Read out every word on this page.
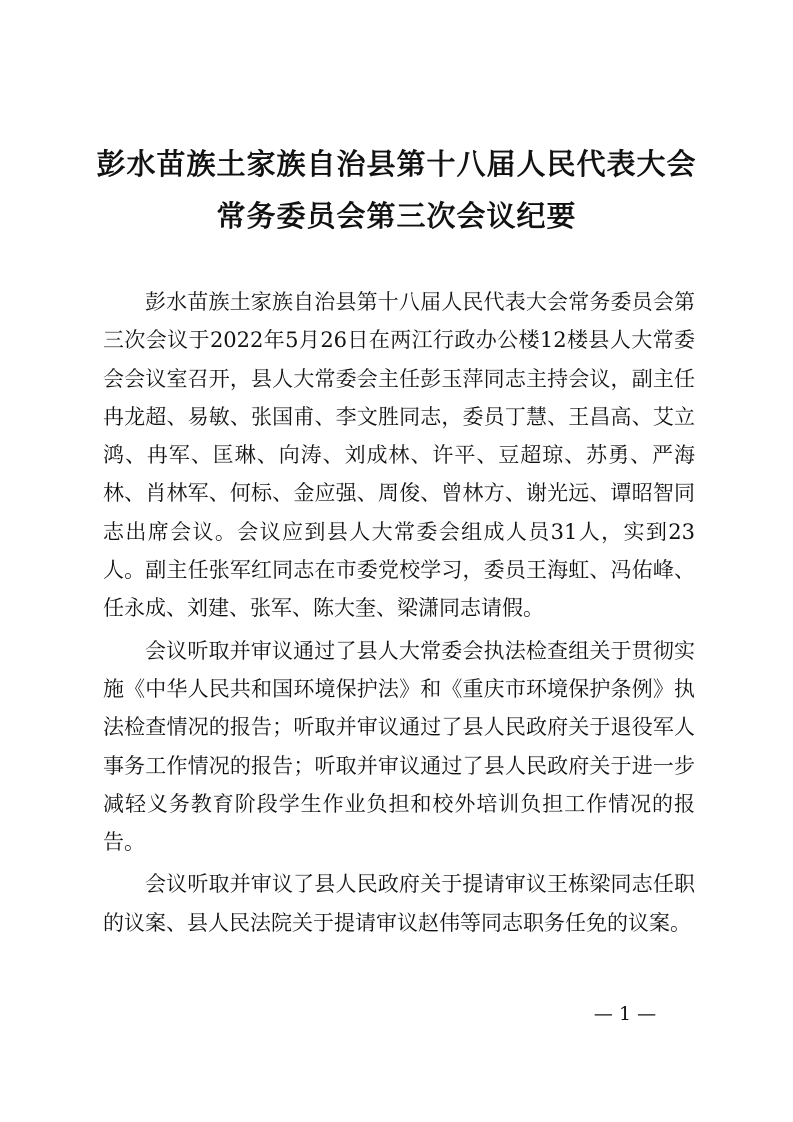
彭水苗族土家族自治县第十八届人民代表大会
常务委员会第三次会议纪要

彭水苗族土家族自治县第十八届人民代表大会常务委员会第三次会议于2022年5月26日在两江行政办公楼12楼县人大常委会会议室召开，县人大常委会主任彭玉萍同志主持会议，副主任冉龙超、易敏、张国甫、李文胜同志，委员丁慧、王昌高、艾立鸿、冉军、匡琳、向涛、刘成林、许平、豆超琼、苏勇、严海林、肖林军、何标、金应强、周俊、曾林方、谢光远、谭昭智同志出席会议。会议应到县人大常委会组成人员31人，实到23人。副主任张军红同志在市委党校学习，委员王海虹、冯佑峰、任永成、刘建、张军、陈大奎、梁潇同志请假。

会议听取并审议通过了县人大常委会执法检查组关于贯彻实施《中华人民共和国环境保护法》和《重庆市环境保护条例》执法检查情况的报告；听取并审议通过了县人民政府关于退役军人事务工作情况的报告；听取并审议通过了县人民政府关于进一步减轻义务教育阶段学生作业负担和校外培训负担工作情况的报告。

会议听取并审议了县人民政府关于提请审议王栋梁同志任职的议案、县人民法院关于提请审议赵伟等同志职务任免的议案。

— 1 —
